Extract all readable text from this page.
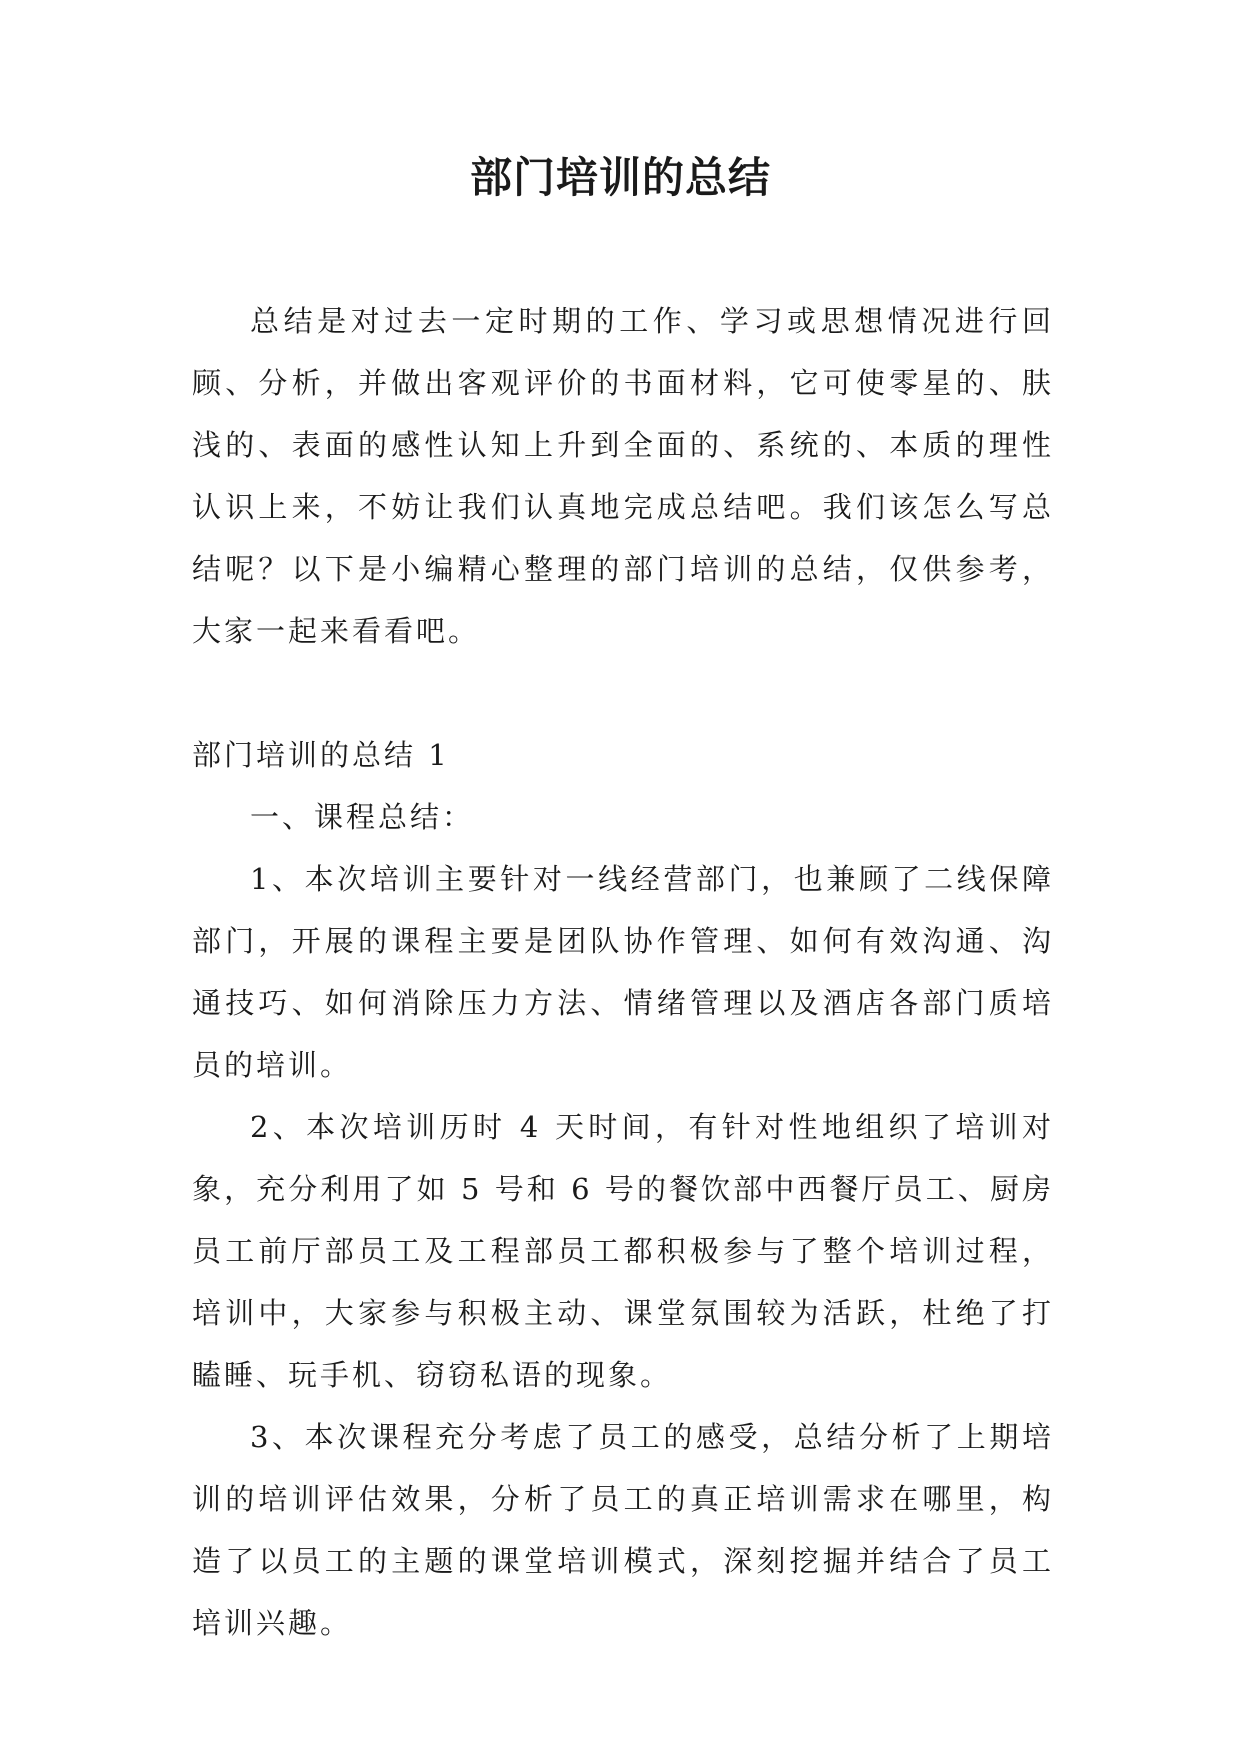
部门培训的总结

总结是对过去一定时期的工作、学习或思想情况进行回顾、分析，并做出客观评价的书面材料，它可使零星的、肤浅的、表面的感性认知上升到全面的、系统的、本质的理性认识上来，不妨让我们认真地完成总结吧。我们该怎么写总结呢？以下是小编精心整理的部门培训的总结，仅供参考，大家一起来看看吧。

部门培训的总结 1

一、课程总结：

1、本次培训主要针对一线经营部门，也兼顾了二线保障部门，开展的课程主要是团队协作管理、如何有效沟通、沟通技巧、如何消除压力方法、情绪管理以及酒店各部门质培员的培训。

2、本次培训历时 4 天时间，有针对性地组织了培训对象，充分利用了如 5 号和 6 号的餐饮部中西餐厅员工、厨房员工前厅部员工及工程部员工都积极参与了整个培训过程，培训中，大家参与积极主动、课堂氛围较为活跃，杜绝了打瞌睡、玩手机、窃窃私语的现象。

3、本次课程充分考虑了员工的感受，总结分析了上期培训的培训评估效果，分析了员工的真正培训需求在哪里，构造了以员工的主题的课堂培训模式，深刻挖掘并结合了员工培训兴趣。
